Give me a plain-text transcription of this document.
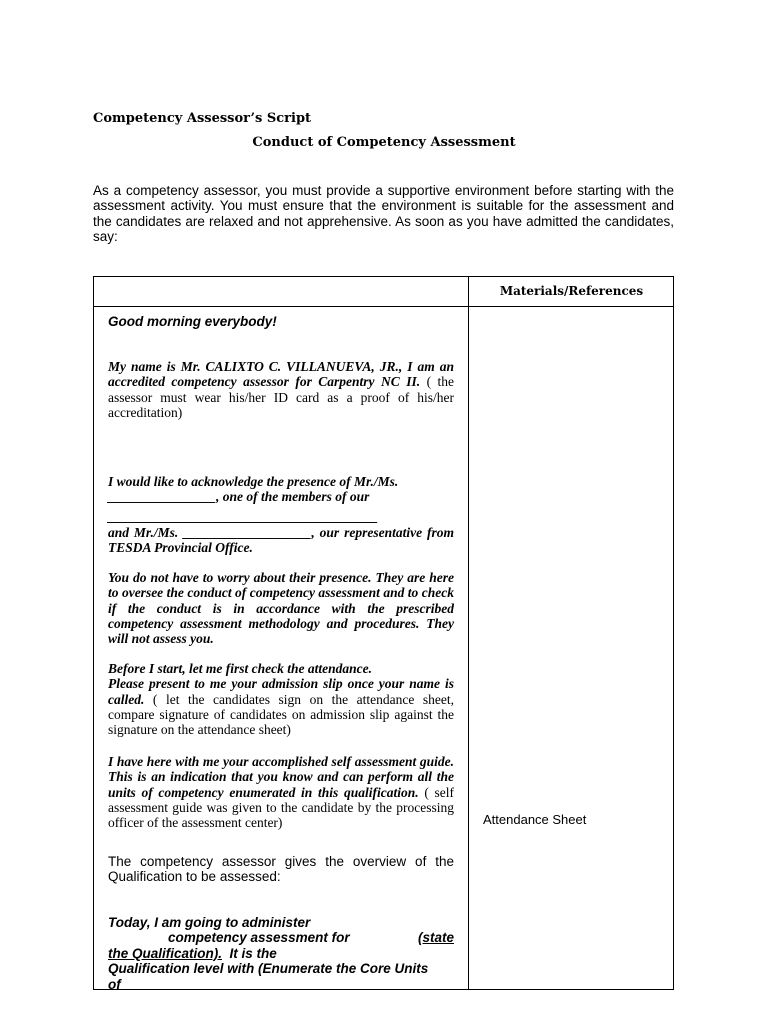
Competency Assessor’s Script
Conduct of Competency Assessment
As a competency assessor, you must provide a supportive environment before starting with the assessment activity. You must ensure that the environment is suitable for the assessment and the candidates are relaxed and not apprehensive. As soon as you have admitted the candidates, say:
Materials/References
Attendance Sheet
Good morning everybody!
My name is Mr. CALIXTO C. VILLANUEVA, JR., I am an accredited competency assessor for Carpentry NC II. ( the assessor must wear his/her ID card as a proof of his/her accreditation)
I would like to acknowledge the presence of Mr./Ms.
________________, one of the members of our
________________________________________
and Mr./Ms. ___________________, our representative from TESDA Provincial Office.
You do not have to worry about their presence. They are here to oversee the conduct of competency assessment and to check if the conduct is in accordance with the prescribed competency assessment methodology and procedures. They will not assess you.
Before I start, let me first check the attendance.
Please present to me your admission slip once your name is called. ( let the candidates sign on the attendance sheet, compare signature of candidates on admission slip against the signature on the attendance sheet)
I have here with me your accomplished self assessment guide. This is an indication that you know and can perform all the units of competency enumerated in this qualification. ( self assessment guide was given to the candidate by the processing officer of the assessment center)
The competency assessor gives the overview of the Qualification to be assessed:
Today, I am going to administer
competency assessment for	(state
the Qualification). It is the
Qualification level with (Enumerate the Core Units
of
